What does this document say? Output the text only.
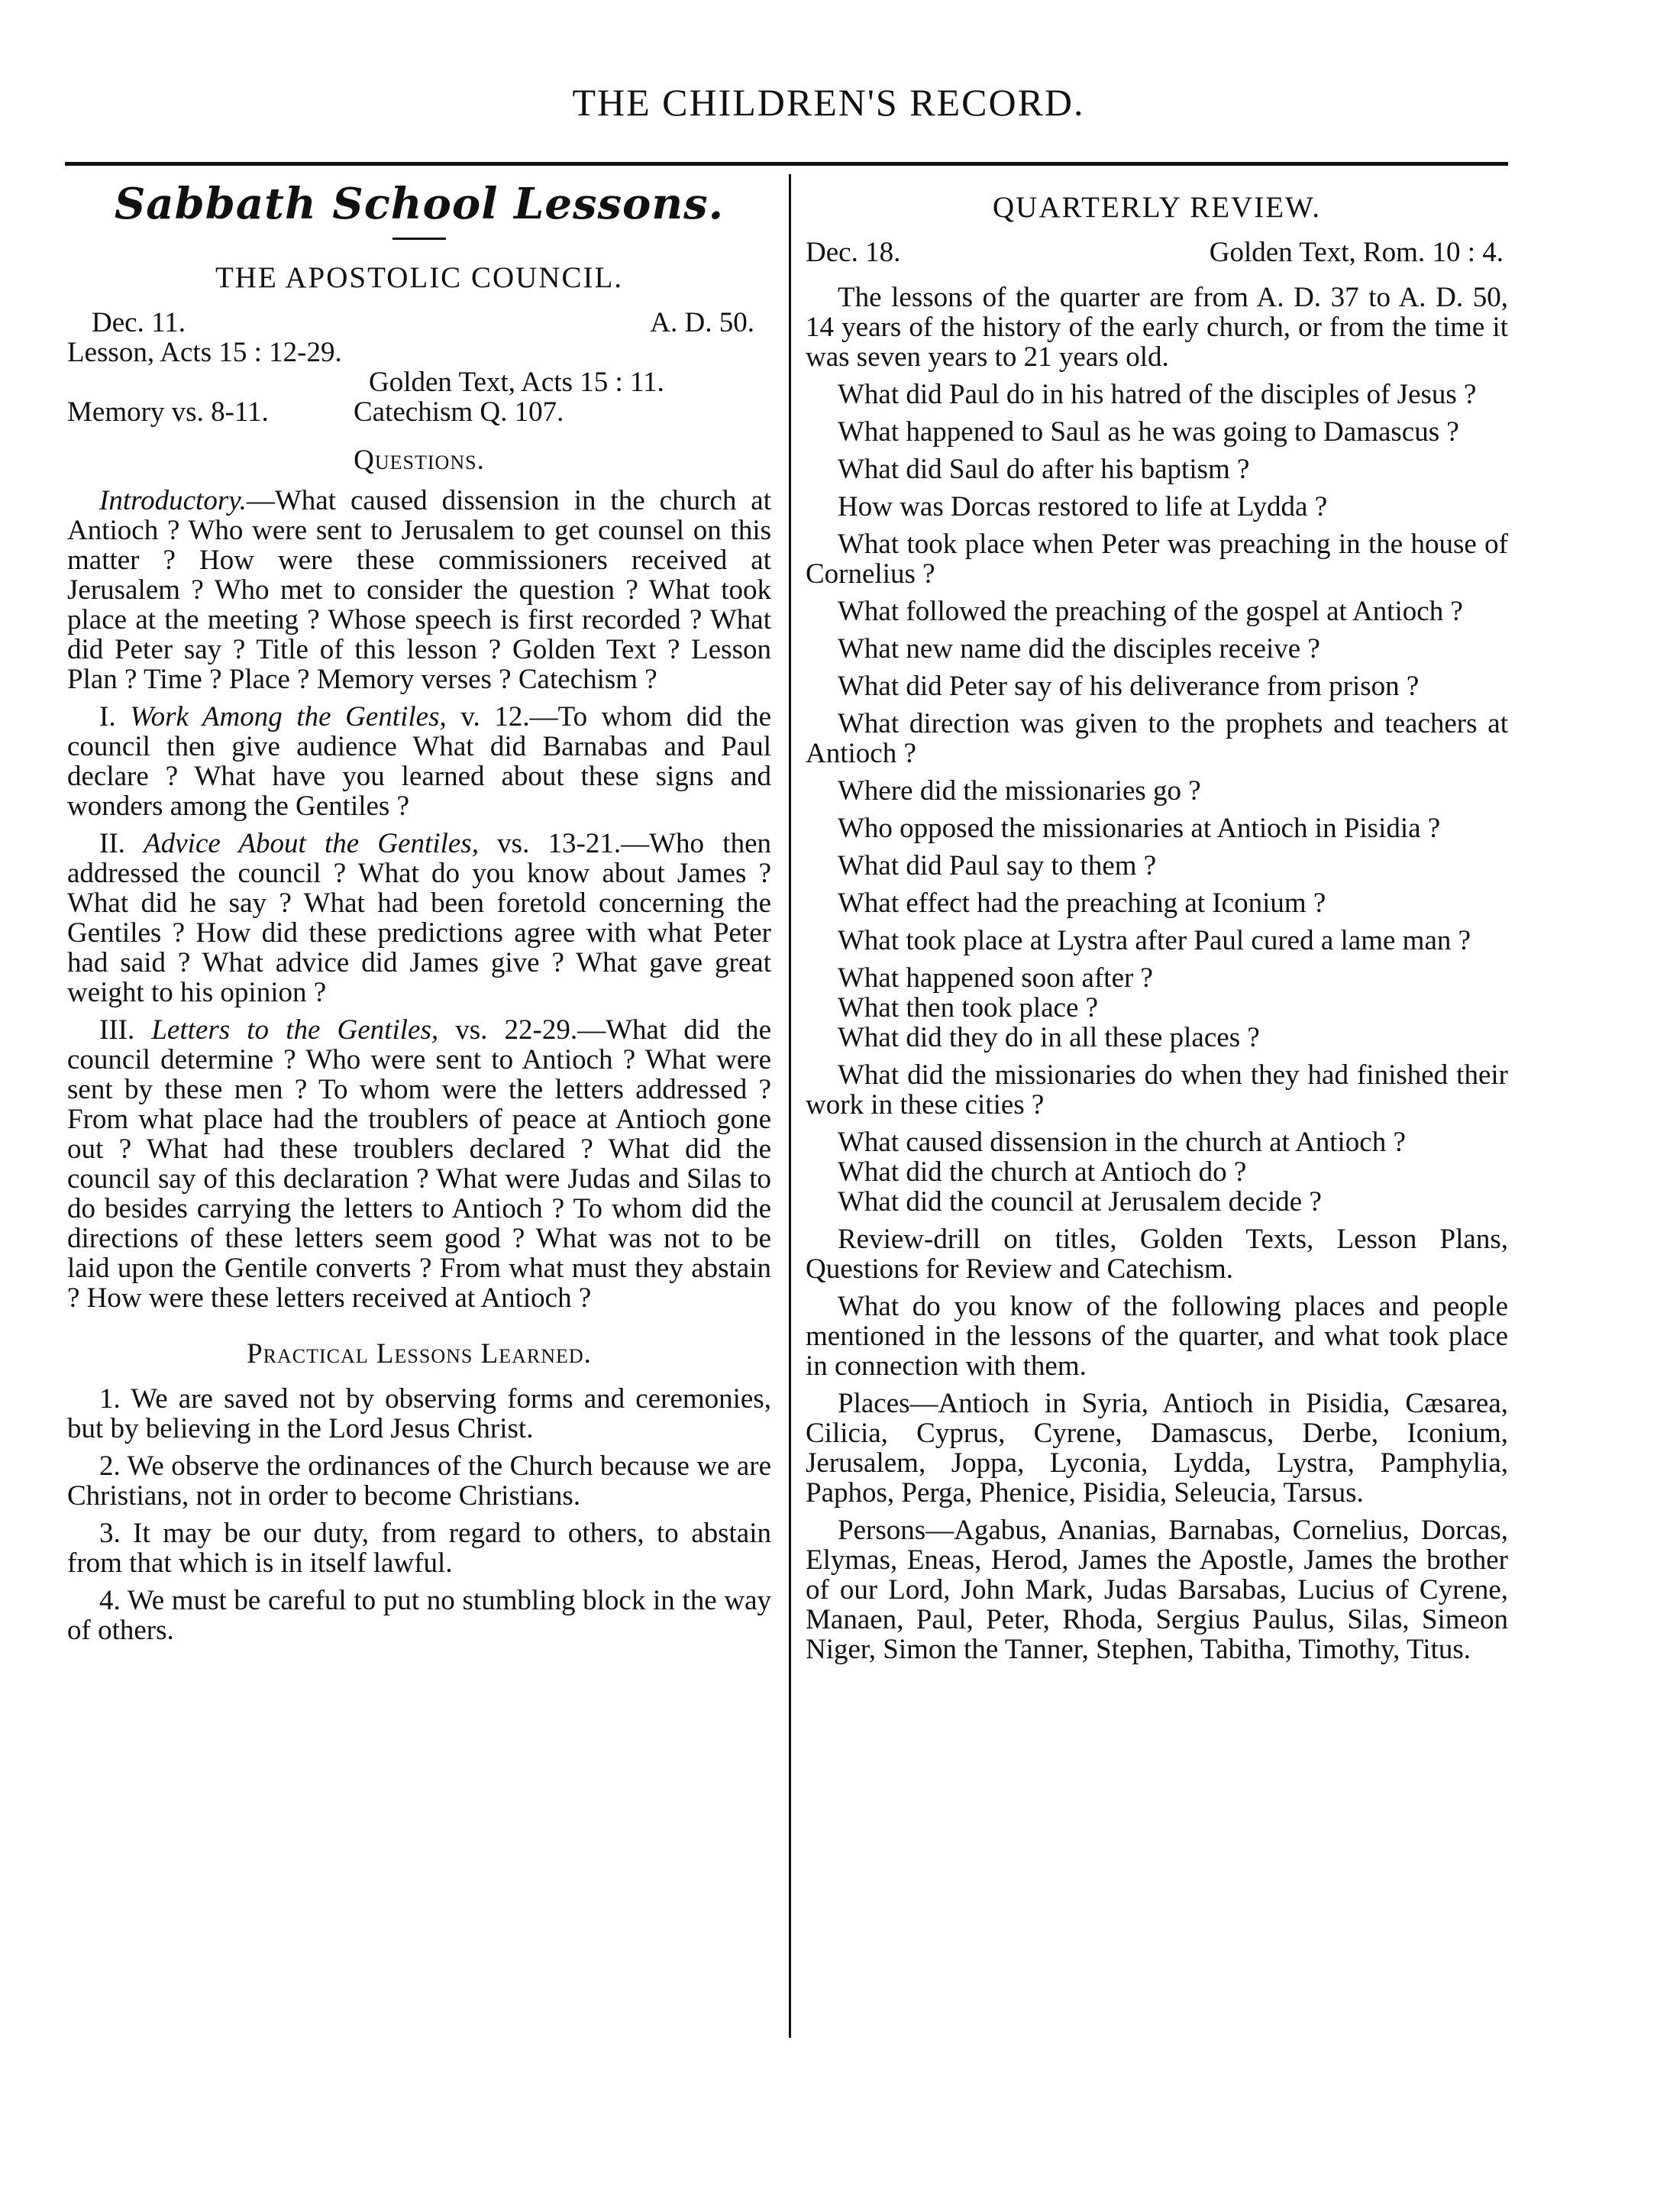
THE CHILDREN'S RECORD.
Sabbath School Lessons.
THE APOSTOLIC COUNCIL.
Dec. 11.	A. D. 50.
Lesson, Acts 15 : 12-29.
Golden Text, Acts 15 : 11.
Memory vs. 8-11.	Catechism Q. 107.
Questions.

Introductory.—What caused dissension in the church at Antioch ? Who were sent to Jerusalem to get counsel on this matter ? How were these commissioners received at Jerusalem ? Who met to consider the question ? What took place at the meeting ? Whose speech is first recorded ? What did Peter say ? Title of this lesson ? Golden Text ? Lesson Plan ? Time ? Place ? Memory verses ? Catechism ?

I. Work Among the Gentiles, v. 12.—To whom did the council then give audience What did Barnabas and Paul declare ? What have you learned about these signs and wonders among the Gentiles ?

II. Advice About the Gentiles, vs. 13-21.—Who then addressed the council ? What do you know about James ? What did he say ? What had been foretold concerning the Gentiles ? How did these predictions agree with what Peter had said ? What advice did James give ? What gave great weight to his opinion ?

III. Letters to the Gentiles, vs. 22-29.—What did the council determine ? Who were sent to Antioch ? What were sent by these men ? To whom were the letters addressed ? From what place had the troublers of peace at Antioch gone out ? What had these troublers declared ? What did the council say of this declaration ? What were Judas and Silas to do besides carrying the letters to Antioch ? To whom did the directions of these letters seem good ? What was not to be laid upon the Gentile converts ? From what must they abstain ? How were these letters received at Antioch ?

Practical Lessons Learned.

1. We are saved not by observing forms and ceremonies, but by believing in the Lord Jesus Christ.

2. We observe the ordinances of the Church because we are Christians, not in order to become Christians.

3. It may be our duty, from regard to others, to abstain from that which is in itself lawful.

4. We must be careful to put no stumbling block in the way of others.

QUARTERLY REVIEW.
Dec. 18.	Golden Text, Rom. 10 : 4.

The lessons of the quarter are from A. D. 37 to A. D. 50, 14 years of the history of the early church, or from the time it was seven years to 21 years old.

What did Paul do in his hatred of the disciples of Jesus ?

What happened to Saul as he was going to Damascus ?

What did Saul do after his baptism ?

How was Dorcas restored to life at Lydda ?

What took place when Peter was preaching in the house of Cornelius ?

What followed the preaching of the gospel at Antioch ?

What new name did the disciples receive ?

What did Peter say of his deliverance from prison ?

What direction was given to the prophets and teachers at Antioch ?

Where did the missionaries go ?

Who opposed the missionaries at Antioch in Pisidia ?

What did Paul say to them ?

What effect had the preaching at Iconium ?

What took place at Lystra after Paul cured a lame man ?

What happened soon after ?
What then took place ?
What did they do in all these places ?

What did the missionaries do when they had finished their work in these cities ?

What caused dissension in the church at Antioch ?

What did the church at Antioch do ?
What did the council at Jerusalem decide ?

Review-drill on titles, Golden Texts, Lesson Plans, Questions for Review and Catechism.

What do you know of the following places and people mentioned in the lessons of the quarter, and what took place in connection with them.

Places—Antioch in Syria, Antioch in Pisidia, Cæsarea, Cilicia, Cyprus, Cyrene, Damascus, Derbe, Iconium, Jerusalem, Joppa, Lyconia, Lydda, Lystra, Pamphylia, Paphos, Perga, Phenice, Pisidia, Seleucia, Tarsus.

Persons—Agabus, Ananias, Barnabas, Cornelius, Dorcas, Elymas, Eneas, Herod, James the Apostle, James the brother of our Lord, John Mark, Judas Barsabas, Lucius of Cyrene, Manaen, Paul, Peter, Rhoda, Sergius Paulus, Silas, Simeon Niger, Simon the Tanner, Stephen, Tabitha, Timothy, Titus.
